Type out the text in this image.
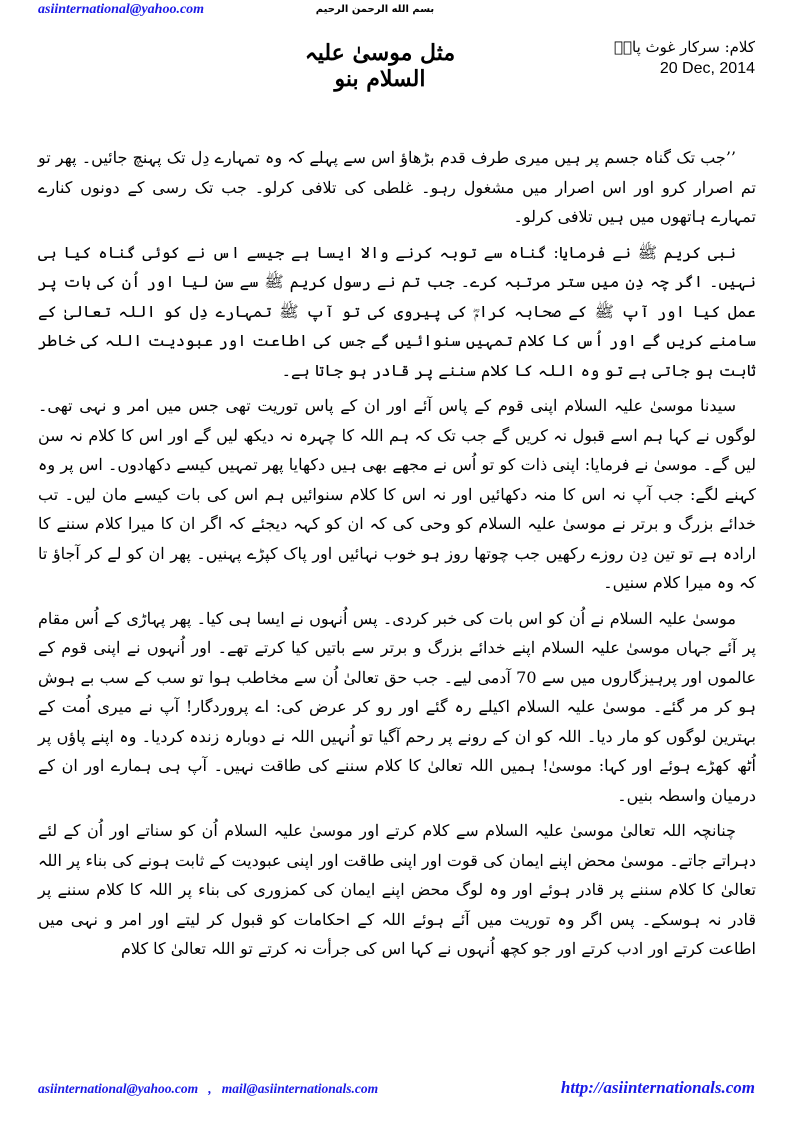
asiinternational@yahoo.com	بسم الله الرحمن الرحیم
مثل موسیٰ علیہ السلام بنو
کلام: سرکار غوث پاکؓ
20 Dec, 2014

’’جب تک گناہ جسم پر ہیں میری طرف قدم بڑھاؤ اس سے پہلے کہ وہ تمہارے دِل تک پہنچ جائیں۔ پھر تو تم اصرار کرو اور اس اصرار میں مشغول رہو۔ غلطی کی تلافی کرلو۔ جب تک رسی کے دونوں کنارے تمہارے ہاتھوں میں ہیں تلافی کرلو۔

نبی کریم ﷺ نے فرمایا: گناہ سے توبہ کرنے والا ایسا ہے جیسے اس نے کوئی گناہ کیا ہی نہیں۔ اگر چہ دِن میں ستر مرتبہ کرے۔ جب تم نے رسول کریم ﷺ سے سن لیا اور اُن کی بات پر عمل کیا اور آپ ﷺ کے صحابہ کرامؓ کی پیروی کی تو آپ ﷺ تمہارے دِل کو اللہ تعالیٰ کے سامنے کریں گے اور اُس کا کلام تمہیں سنوائیں گے جس کی اطاعت اور عبودیت اللہ کی خاطر ثابت ہو جاتی ہے تو وہ اللہ کا کلام سننے پر قادر ہو جاتا ہے۔

سیدنا موسیٰ علیہ السلام اپنی قوم کے پاس آئے اور ان کے پاس توریت تھی جس میں امر و نہی تھی۔ لوگوں نے کہا ہم اسے قبول نہ کریں گے جب تک کہ ہم اللہ کا چہرہ نہ دیکھ لیں گے اور اس کا کلام نہ سن لیں گے۔ موسیٰ نے فرمایا: اپنی ذات کو تو اُس نے مجھے بھی ہیں دکھایا پھر تمہیں کیسے دکھادوں۔ اس پر وہ کہنے لگے: جب آپ نہ اس کا منہ دکھائیں اور نہ اس کا کلام سنوائیں ہم اس کی بات کیسے مان لیں۔ تب خدائے بزرگ و برتر نے موسیٰ علیہ السلام کو وحی کی کہ ان کو کہہ دیجئے کہ اگر ان کا میرا کلام سننے کا ارادہ ہے تو تین دِن روزے رکھیں جب چوتھا روز ہو خوب نہائیں اور پاک کپڑے پہنیں۔ پھر ان کو لے کر آجاؤ تا کہ وہ میرا کلام سنیں۔

موسیٰ علیہ السلام نے اُن کو اس بات کی خبر کردی۔ پس اُنہوں نے ایسا ہی کیا۔ پھر پہاڑی کے اُس مقام پر آئے جہاں موسیٰ علیہ السلام اپنے خدائے بزرگ و برتر سے باتیں کیا کرتے تھے۔ اور اُنہوں نے اپنی قوم کے عالموں اور پرہیزگاروں میں سے 70 آدمی لیے۔ جب حق تعالیٰ اُن سے مخاطب ہوا تو سب کے سب بے ہوش ہو کر مر گئے۔ موسیٰ علیہ السلام اکیلے رہ گئے اور رو کر عرض کی: اے پروردگار! آپ نے میری اُمت کے بہترین لوگوں کو مار دیا۔ اللہ کو ان کے رونے پر رحم آگیا تو اُنہیں اللہ نے دوبارہ زندہ کردیا۔ وہ اپنے پاؤں پر اُٹھ کھڑے ہوئے اور کہا: موسیٰ! ہمیں اللہ تعالیٰ کا کلام سننے کی طاقت نہیں۔ آپ ہی ہمارے اور ان کے درمیان واسطہ بنیں۔

چنانچہ اللہ تعالیٰ موسیٰ علیہ السلام سے کلام کرتے اور موسیٰ علیہ السلام اُن کو سناتے اور اُن کے لئے دہراتے جاتے۔ موسیٰ محض اپنے ایمان کی قوت اور اپنی طاقت اور اپنی عبودیت کے ثابت ہونے کی بناء پر اللہ تعالیٰ کا کلام سننے پر قادر ہوئے اور وہ لوگ محض اپنے ایمان کی کمزوری کی بناء پر اللہ کا کلام سننے پر قادر نہ ہوسکے۔ پس اگر وہ توریت میں آئے ہوئے اللہ کے احکامات کو قبول کر لیتے اور امر و نہی میں اطاعت کرتے اور ادب کرتے اور جو کچھ اُنہوں نے کہا اس کی جرأت نہ کرتے تو اللہ تعالیٰ کا کلام

asiinternational@yahoo.com   ,   mail@asiinternationals.com	http://asiinternationals.com
